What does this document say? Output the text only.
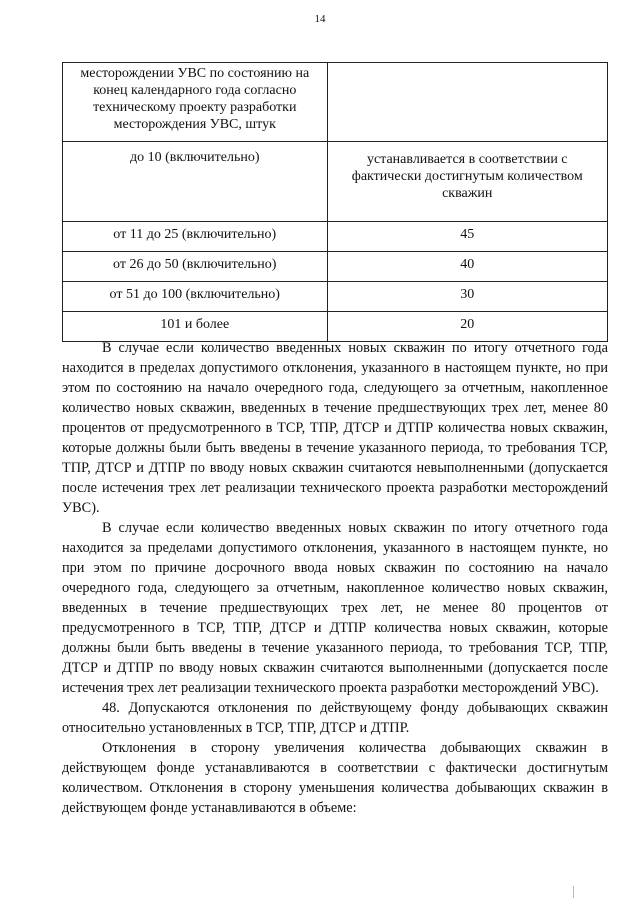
14
месторождении УВС по состоянию на конец календарного года согласно техническому проекту разработки месторождения УВС, штук	
до 10 (включительно)	устанавливается в соответствии с фактически достигнутым количеством скважин
от 11 до 25 (включительно)	45
от 26 до 50 (включительно)	40
от 51 до 100 (включительно)	30
101 и более	20

В случае если количество введенных новых скважин по итогу отчетного года находится в пределах допустимого отклонения, указанного в настоящем пункте, но при этом по состоянию на начало очередного года, следующего за отчетным, накопленное количество новых скважин, введенных в течение предшествующих трех лет, менее 80 процентов от предусмотренного в ТСР, ТПР, ДТСР и ДТПР количества новых скважин, которые должны были быть введены в течение указанного периода, то требования ТСР, ТПР, ДТСР и ДТПР по вводу новых скважин считаются невыполненными (допускается после истечения трех лет реализации технического проекта разработки месторождений УВС).

В случае если количество введенных новых скважин по итогу отчетного года находится за пределами допустимого отклонения, указанного в настоящем пункте, но при этом по причине досрочного ввода новых скважин по состоянию на начало очередного года, следующего за отчетным, накопленное количество новых скважин, введенных в течение предшествующих трех лет, не менее 80 процентов от предусмотренного в ТСР, ТПР, ДТСР и ДТПР количества новых скважин, которые должны были быть введены в течение указанного периода, то требования ТСР, ТПР, ДТСР и ДТПР по вводу новых скважин считаются выполненными (допускается после истечения трех лет реализации технического проекта разработки месторождений УВС).

48. Допускаются отклонения по действующему фонду добывающих скважин относительно установленных в ТСР, ТПР, ДТСР и ДТПР.

Отклонения в сторону увеличения количества добывающих скважин в действующем фонде устанавливаются в соответствии с фактически достигнутым количеством. Отклонения в сторону уменьшения количества добывающих скважин в действующем фонде устанавливаются в объеме:
